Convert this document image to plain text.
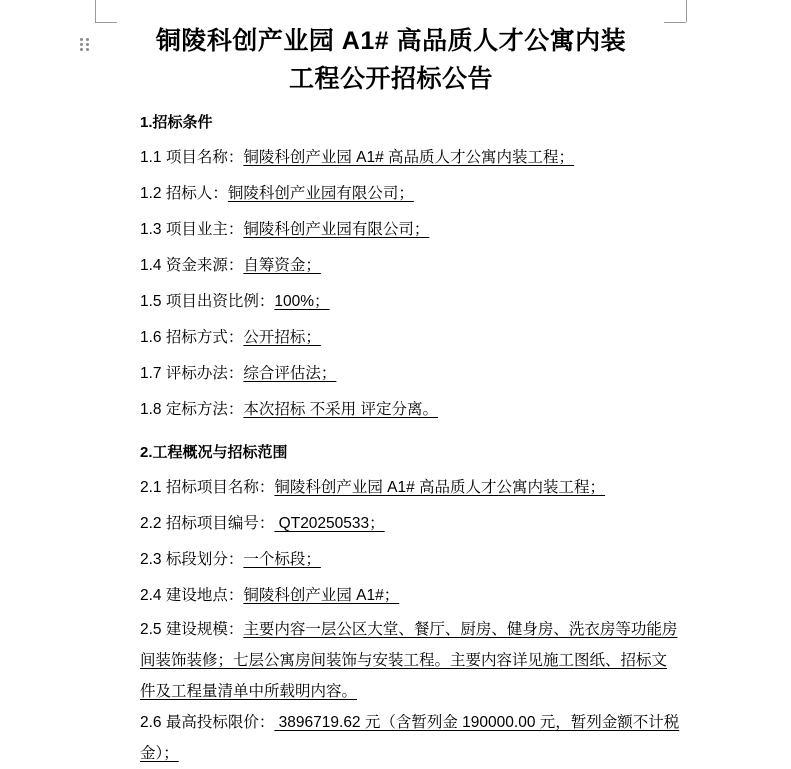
铜陵科创产业园 A1# 高品质人才公寓内装
工程公开招标公告
1.招标条件

1.1 项目名称：铜陵科创产业园 A1# 高品质人才公寓内装工程；

1.2 招标人：铜陵科创产业园有限公司；

1.3 项目业主：铜陵科创产业园有限公司；

1.4 资金来源：自筹资金；

1.5 项目出资比例：100%；

1.6 招标方式：公开招标；

1.7 评标办法：综合评估法；

1.8 定标方法：本次招标 不采用 评定分离。

2.工程概况与招标范围

2.1 招标项目名称：铜陵科创产业园 A1# 高品质人才公寓内装工程；

2.2 招标项目编号： QT20250533；

2.3 标段划分：一个标段；

2.4 建设地点：铜陵科创产业园 A1#；

2.5 建设规模：主要内容一层公区大堂、餐厅、厨房、健身房、洗衣房等功能房间装饰装修；七层公寓房间装饰与安装工程。主要内容详见施工图纸、招标文件及工程量清单中所载明内容。

2.6 最高投标限价： 3896719.62 元（含暂列金 190000.00 元，暂列金额不计税金）；
